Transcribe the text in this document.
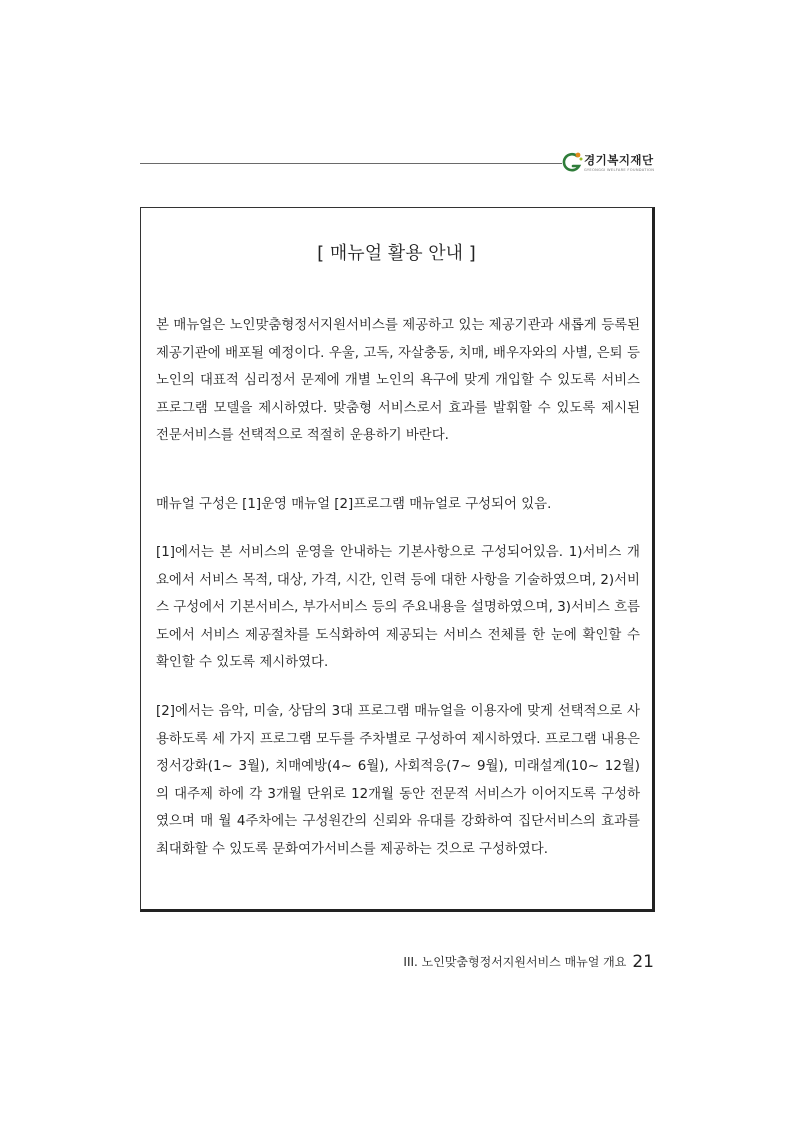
경기복지재단
GYEONGGI WELFARE FOUNDATION
[ 매뉴얼 활용 안내 ]

본 매뉴얼은 노인맞춤형정서지원서비스를 제공하고 있는 제공기관과 새롭게 등록된 제공기관에 배포될 예정이다. 우울, 고독, 자살충동, 치매, 배우자와의 사별, 은퇴 등 노인의 대표적 심리정서 문제에 개별 노인의 욕구에 맞게 개입할 수 있도록 서비스 프로그램 모델을 제시하였다. 맞춤형 서비스로서 효과를 발휘할 수 있도록 제시된 전문서비스를 선택적으로 적절히 운용하기 바란다.

매뉴얼 구성은 [1]운영 매뉴얼 [2]프로그램 매뉴얼로 구성되어 있음.

[1]에서는 본 서비스의 운영을 안내하는 기본사항으로 구성되어있음. 1)서비스 개요에서 서비스 목적, 대상, 가격, 시간, 인력 등에 대한 사항을 기술하였으며, 2)서비스 구성에서 기본서비스, 부가서비스 등의 주요내용을 설명하였으며, 3)서비스 흐름도에서 서비스 제공절차를 도식화하여 제공되는 서비스 전체를 한 눈에 확인할 수 확인할 수 있도록 제시하였다.

[2]에서는 음악, 미술, 상담의 3대 프로그램 매뉴얼을 이용자에 맞게 선택적으로 사용하도록 세 가지 프로그램 모두를 주차별로 구성하여 제시하였다. 프로그램 내용은 정서강화(1~ 3월), 치매예방(4~ 6월), 사회적응(7~ 9월), 미래설계(10~ 12월)의 대주제 하에 각 3개월 단위로 12개월 동안 전문적 서비스가 이어지도록 구성하였으며 매 월 4주차에는 구성원간의 신뢰와 유대를 강화하여 집단서비스의 효과를 최대화할 수 있도록 문화여가서비스를 제공하는 것으로 구성하였다.

III. 노인맞춤형정서지원서비스 매뉴얼 개요 21
